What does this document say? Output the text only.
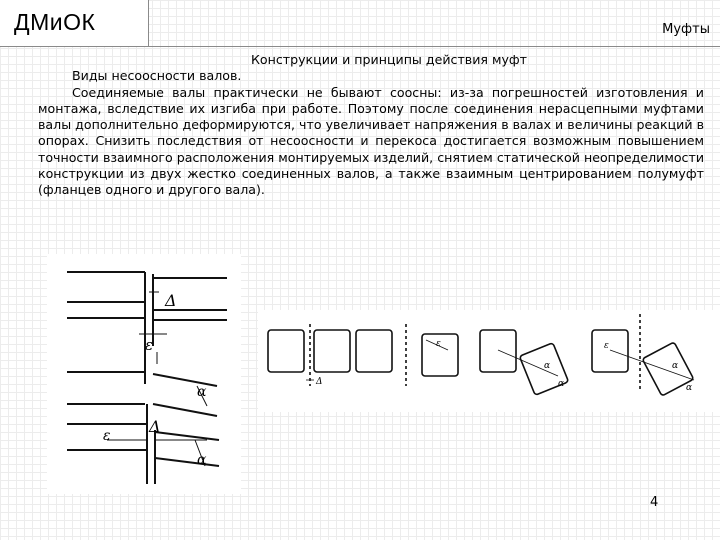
ДМиОК	Муфты

Конструкции и принципы действия муфт

Виды несоосности валов.

Соединяемые валы практически не бывают соосны: из-за погрешностей изготовления и монтажа, вследствие их изгиба при работе. Поэтому после соединения нерасцепными муфтами валы дополнительно деформируются, что увеличивает напряжения в валах и величины реакций в опорах. Снизить последствия от несоосности и перекоса достигается возможным повышением точности взаимного расположения монтируемых изделий, снятием статической неопределимости конструкции из двух жестко соединенных валов, а также взаимным центрированием полумуфт (фланцев одного и другого вала).

Δ
ε
α
ε Δ
α
Δ
ε	ε
α
α
α
α
4
